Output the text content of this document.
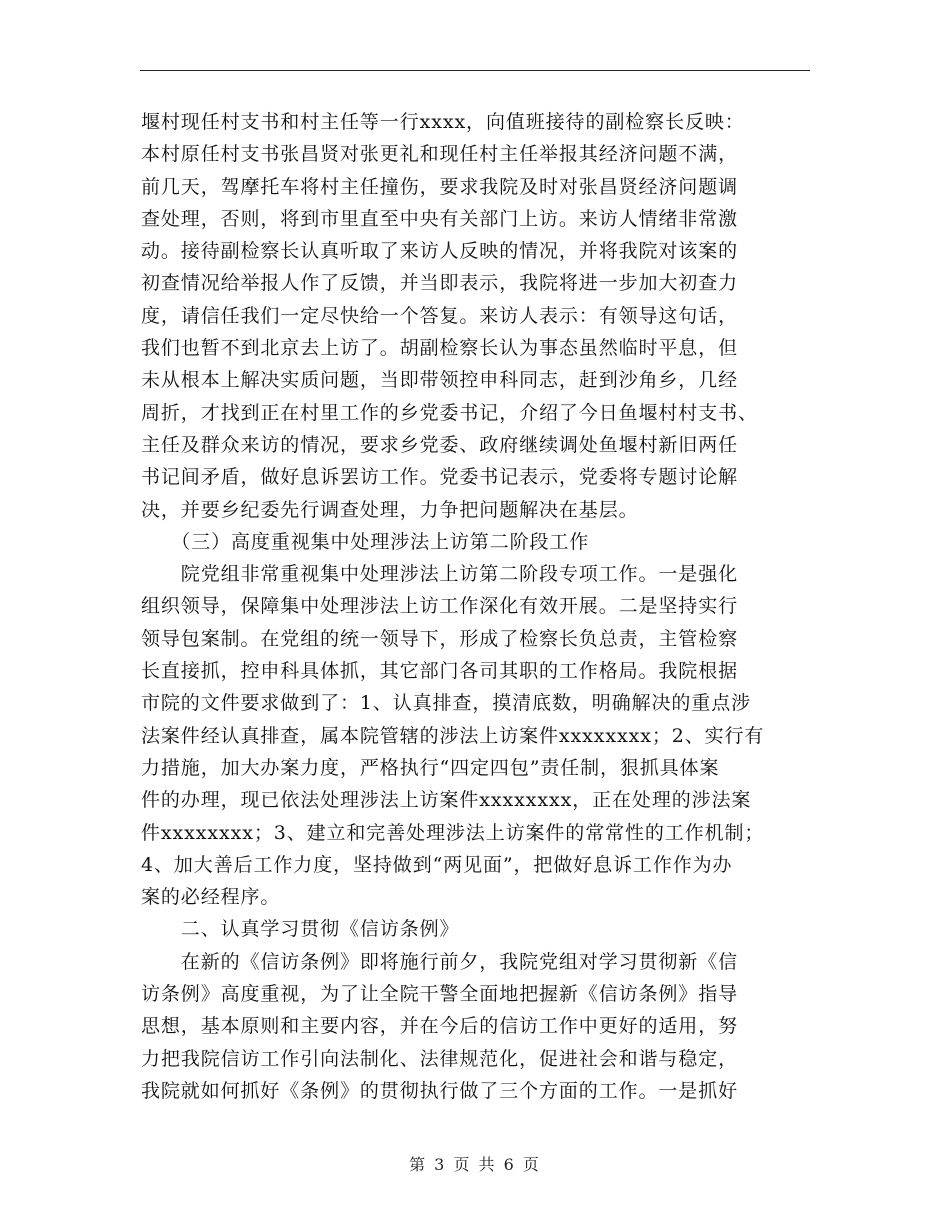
堰村现任村支书和村主任等一行xxxx，向值班接待的副检察长反映：
本村原任村支书张昌贤对张更礼和现任村主任举报其经济问题不满，
前几天，驾摩托车将村主任撞伤，要求我院及时对张昌贤经济问题调
查处理，否则，将到市里直至中央有关部门上访。来访人情绪非常激
动。接待副检察长认真听取了来访人反映的情况，并将我院对该案的
初查情况给举报人作了反馈，并当即表示，我院将进一步加大初查力
度，请信任我们一定尽快给一个答复。来访人表示：有领导这句话，
我们也暂不到北京去上访了。胡副检察长认为事态虽然临时平息，但
未从根本上解决实质问题，当即带领控申科同志，赶到沙角乡，几经
周折，才找到正在村里工作的乡党委书记，介绍了今日鱼堰村村支书、
主任及群众来访的情况，要求乡党委、政府继续调处鱼堰村新旧两任
书记间矛盾，做好息诉罢访工作。党委书记表示，党委将专题讨论解
决，并要乡纪委先行调查处理，力争把问题解决在基层。
　　（三）高度重视集中处理涉法上访第二阶段工作
　　院党组非常重视集中处理涉法上访第二阶段专项工作。一是强化
组织领导，保障集中处理涉法上访工作深化有效开展。二是坚持实行
领导包案制。在党组的统一领导下，形成了检察长负总责，主管检察
长直接抓，控申科具体抓，其它部门各司其职的工作格局。我院根据
市院的文件要求做到了：1、认真排查，摸清底数，明确解决的重点涉
法案件经认真排查，属本院管辖的涉法上访案件xxxxxxxx；2、实行有
力措施，加大办案力度，严格执行“四定四包”责任制，狠抓具体案
件的办理，现已依法处理涉法上访案件xxxxxxxx，正在处理的涉法案
件xxxxxxxx；3、建立和完善处理涉法上访案件的常常性的工作机制；
4、加大善后工作力度，坚持做到“两见面”，把做好息诉工作作为办
案的必经程序。
　　二、认真学习贯彻《信访条例》
　　在新的《信访条例》即将施行前夕，我院党组对学习贯彻新《信
访条例》高度重视，为了让全院干警全面地把握新《信访条例》指导
思想，基本原则和主要内容，并在今后的信访工作中更好的适用，努
力把我院信访工作引向法制化、法律规范化，促进社会和谐与稳定，
我院就如何抓好《条例》的贯彻执行做了三个方面的工作。一是抓好
第 3 页 共 6 页
